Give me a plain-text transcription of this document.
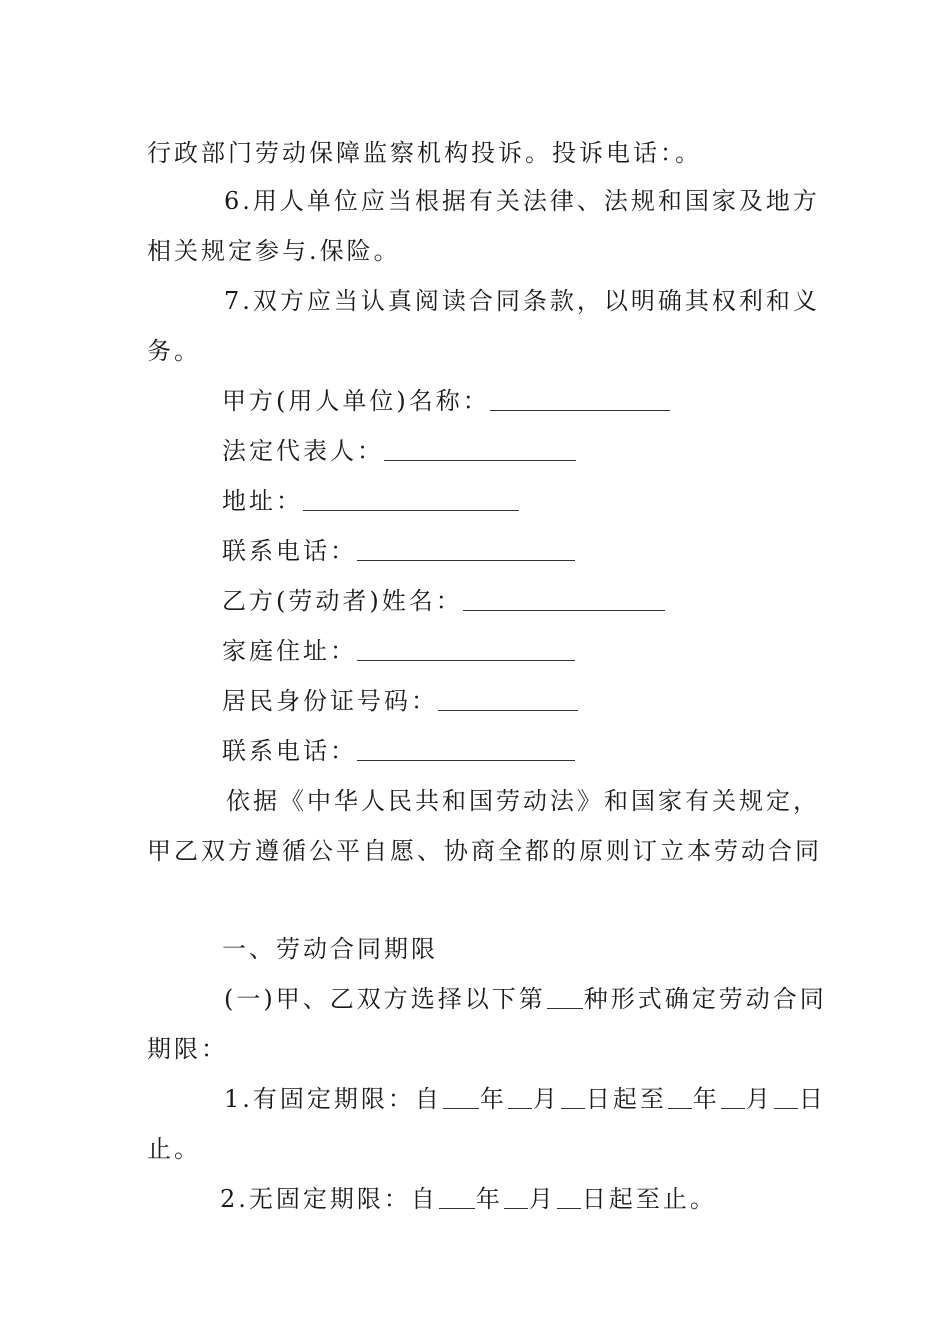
行政部门劳动保障监察机构投诉。投诉电话：。
6.用人单位应当根据有关法律、法规和国家及地方
相关规定参与.保险。
7.双方应当认真阅读合同条款，以明确其权利和义
务。
甲方(用人单位)名称：
法定代表人：
地址：
联系电话：
乙方(劳动者)姓名：
家庭住址：
居民身份证号码：
联系电话：
依据《中华人民共和国劳动法》和国家有关规定，
甲乙双方遵循公平自愿、协商全都的原则订立本劳动合同
一、劳动合同期限
(一)甲、乙双方选择以下第 种形式确定劳动合同
期限：
1.有固定期限：自 年 月 日起至 年 月 日
止。
2.无固定期限：自 年 月 日起至止。
